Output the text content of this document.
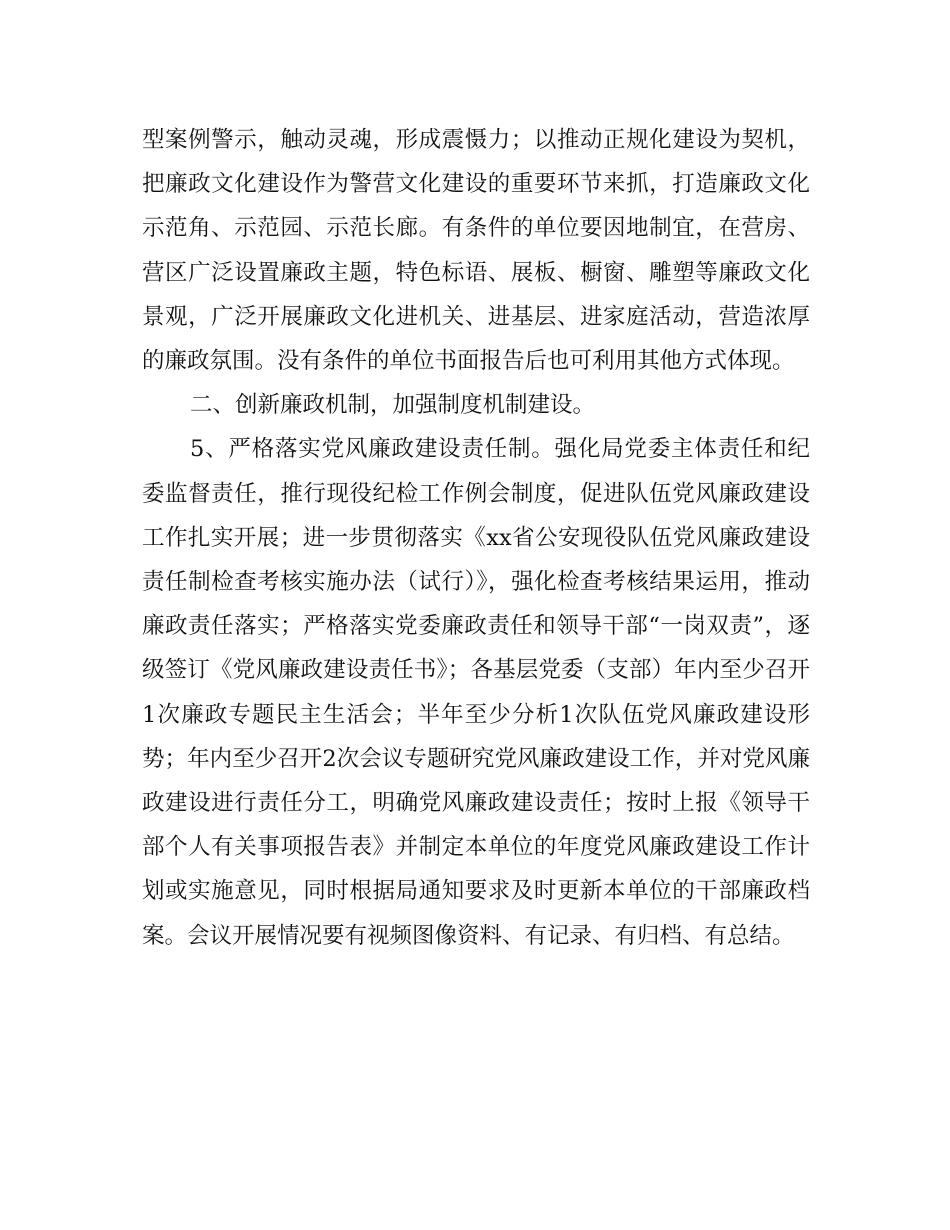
型案例警示，触动灵魂，形成震慑力；以推动正规化建设为契机，把廉政文化建设作为警营文化建设的重要环节来抓，打造廉政文化示范角、示范园、示范长廊。有条件的单位要因地制宜，在营房、营区广泛设置廉政主题，特色标语、展板、橱窗、雕塑等廉政文化景观，广泛开展廉政文化进机关、进基层、进家庭活动，营造浓厚的廉政氛围。没有条件的单位书面报告后也可利用其他方式体现。

二、创新廉政机制，加强制度机制建设。

5、严格落实党风廉政建设责任制。强化局党委主体责任和纪委监督责任，推行现役纪检工作例会制度，促进队伍党风廉政建设工作扎实开展；进一步贯彻落实《xx省公安现役队伍党风廉政建设责任制检查考核实施办法（试行）》，强化检查考核结果运用，推动廉政责任落实；严格落实党委廉政责任和领导干部“一岗双责”，逐级签订《党风廉政建设责任书》；各基层党委（支部）年内至少召开1次廉政专题民主生活会；半年至少分析1次队伍党风廉政建设形势；年内至少召开2次会议专题研究党风廉政建设工作，并对党风廉政建设进行责任分工，明确党风廉政建设责任；按时上报《领导干部个人有关事项报告表》并制定本单位的年度党风廉政建设工作计划或实施意见，同时根据局通知要求及时更新本单位的干部廉政档案。会议开展情况要有视频图像资料、有记录、有归档、有总结。
